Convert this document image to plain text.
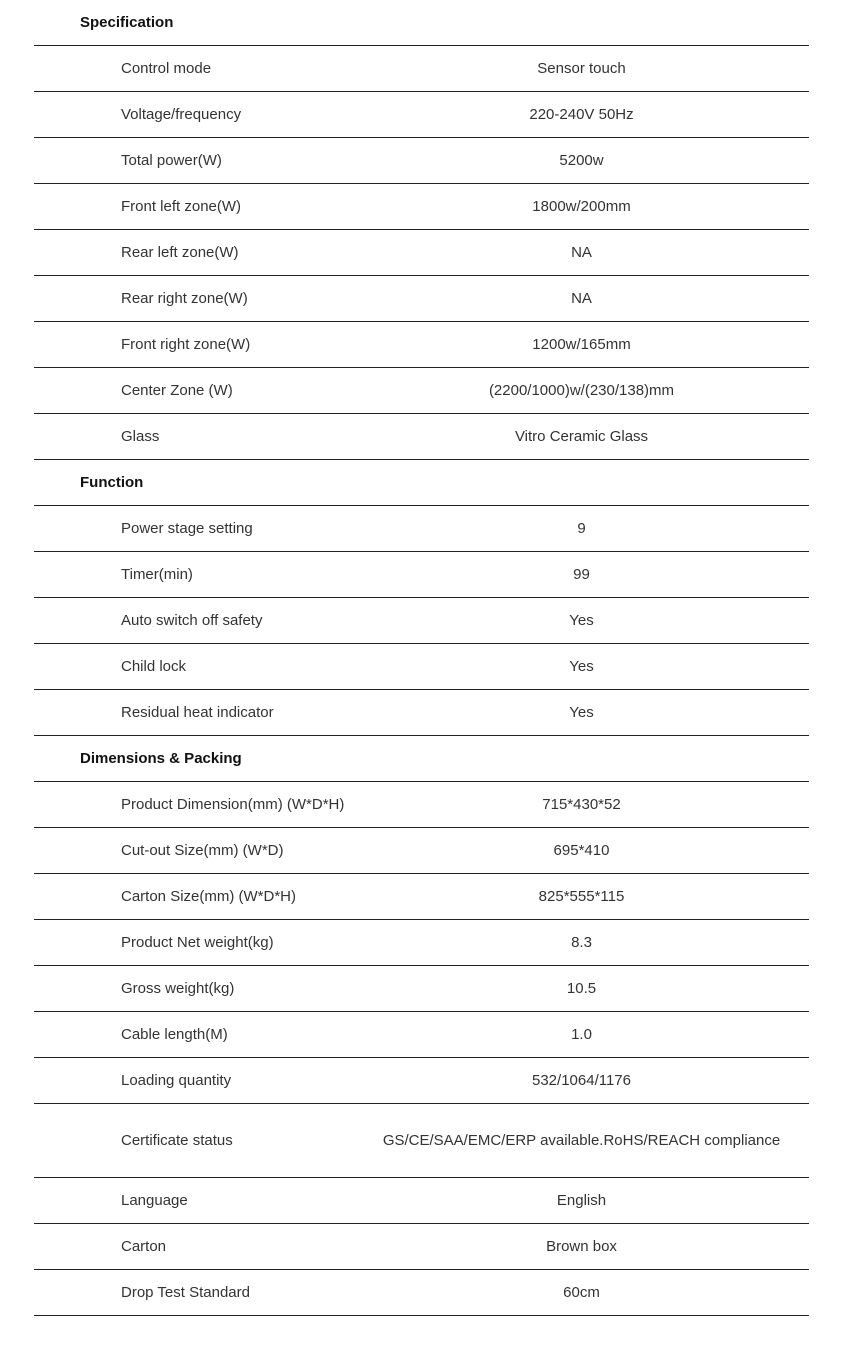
Specification
Control mode	Sensor touch
Voltage/frequency	220-240V 50Hz
Total power(W)	5200w
Front left zone(W)	1800w/200mm
Rear left zone(W)	NA
Rear right zone(W)	NA
Front right zone(W)	1200w/165mm
Center Zone (W)	(2200/1000)w/(230/138)mm
Glass	Vitro Ceramic Glass
Function
Power stage setting	9
Timer(min)	99
Auto switch off safety	Yes
Child lock	Yes
Residual heat indicator	Yes
Dimensions & Packing
Product Dimension(mm) (W*D*H)	715*430*52
Cut-out Size(mm) (W*D)	695*410
Carton Size(mm) (W*D*H)	825*555*115
Product Net weight(kg)	8.3
Gross weight(kg)	10.5
Cable length(M)	1.0
Loading quantity	532/1064/1176
Certificate status	GS/CE/SAA/EMC/ERP available.RoHS/REACH compliance
Language	English
Carton	Brown box
Drop Test Standard	60cm
